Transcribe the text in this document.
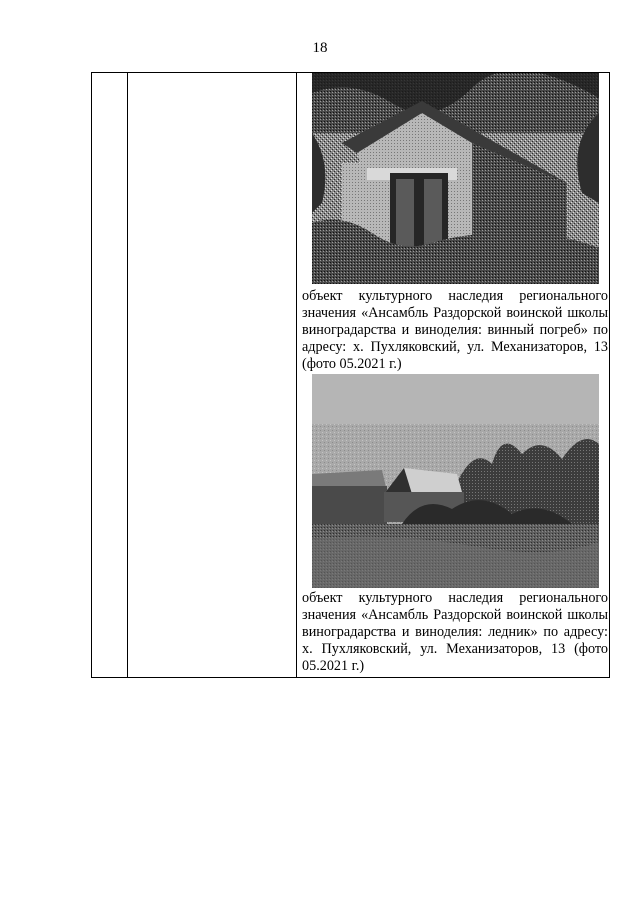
18
объект культурного наследия регионального значения «Ансамбль Раздорской воинской школы виноградарства и виноделия: винный погреб» по адресу: х. Пухляковский, ул. Механизаторов, 13 (фото 05.2021 г.)
объект культурного наследия регионального значения «Ансамбль Раздорской воинской школы виноградарства и виноделия: ледник» по адресу: х. Пухляковский, ул. Механизаторов, 13 (фото 05.2021 г.)
